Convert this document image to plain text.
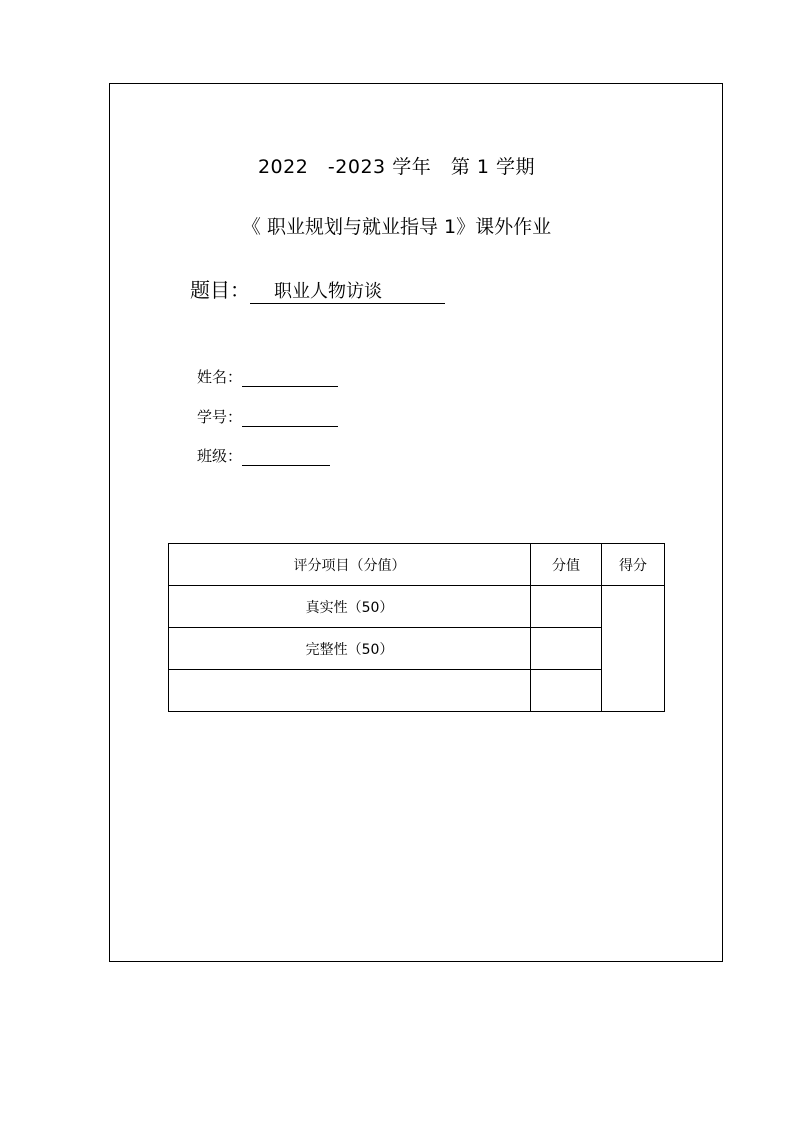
2022 -2023 学年 第 1 学期
《 职业规划与就业指导 1》课外作业
题目： 职业人物访谈
姓名：
学号：
班级：
评分项目（分值）	分值	得分
真实性（50）		
完整性（50）		
